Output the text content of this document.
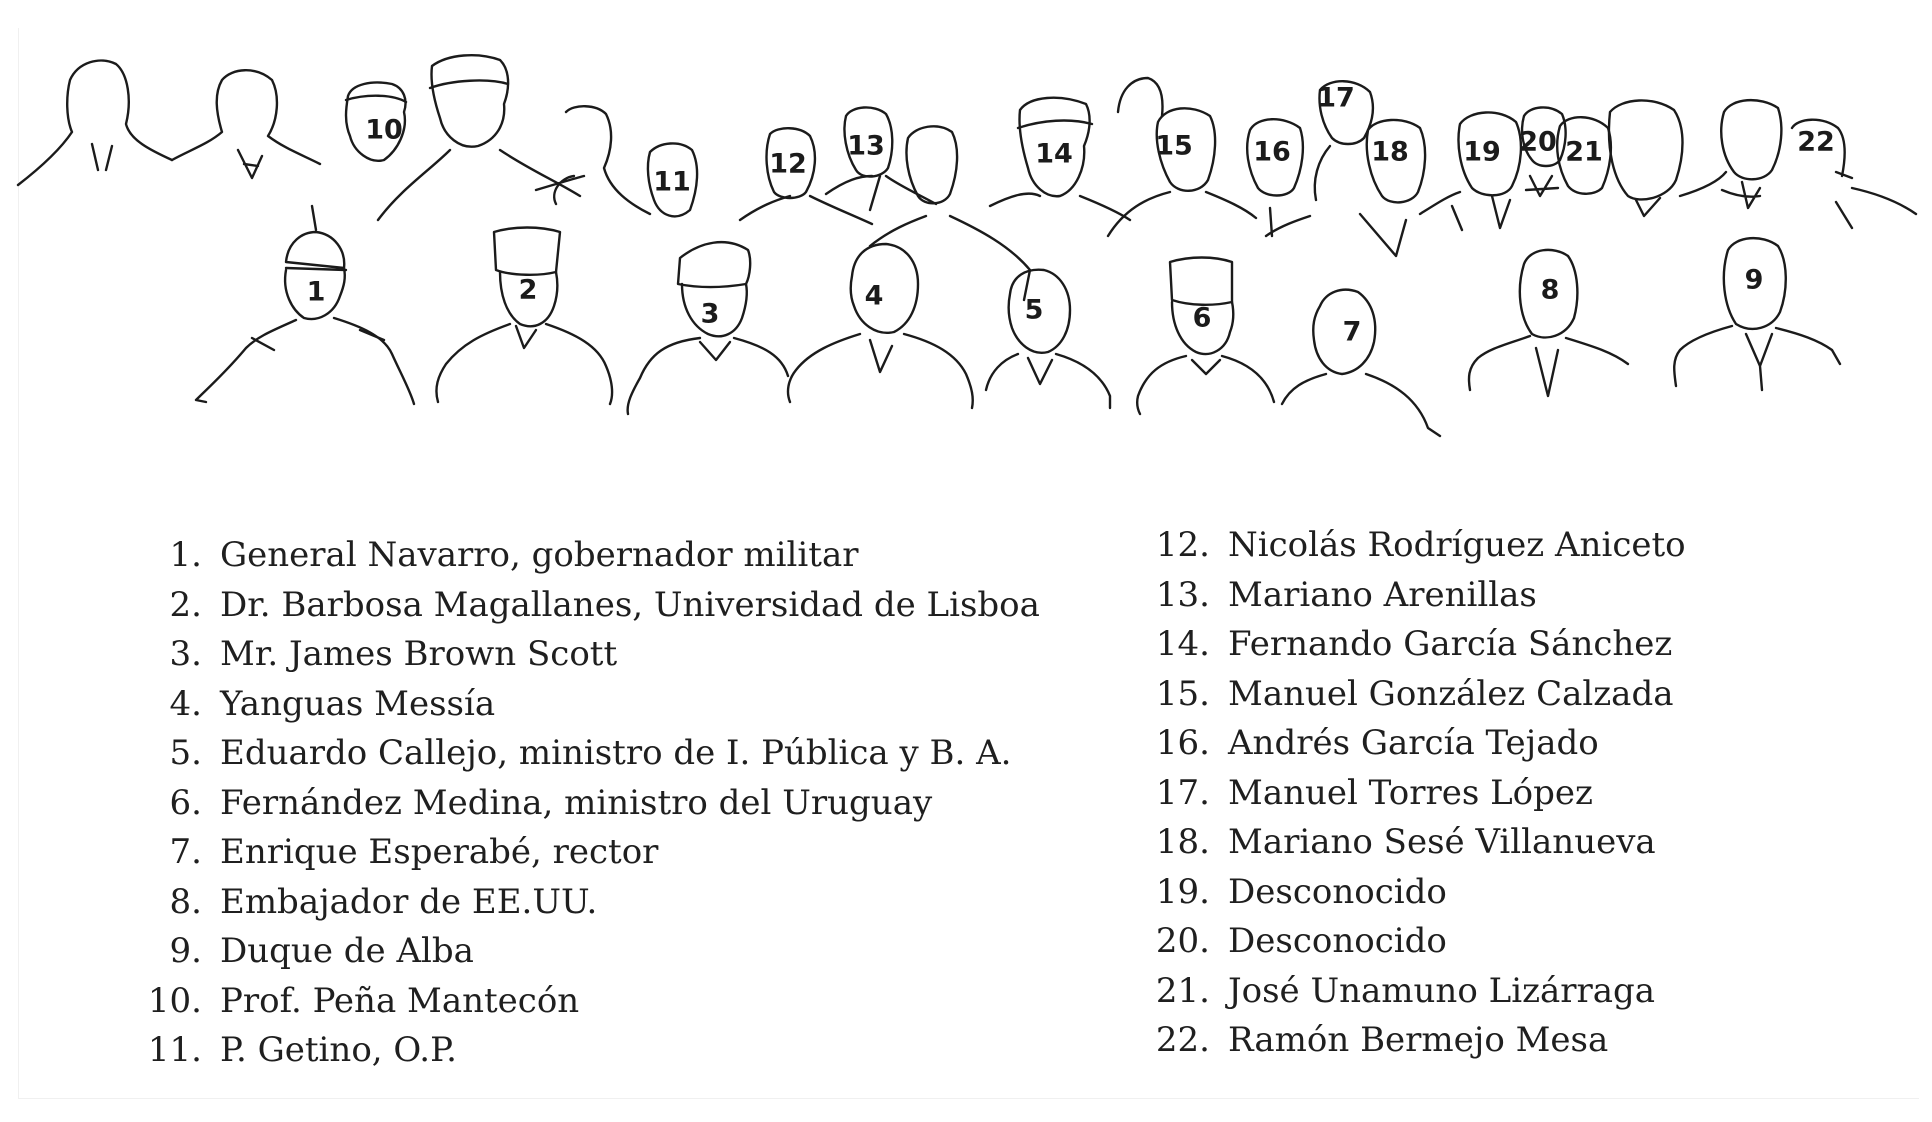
1	2
3
4	5	6	7
8	9
10
11
12
13	14	15 16
17
18 19 20 21	22
1. General Navarro, gobernador militar
2. Dr. Barbosa Magallanes, Universidad de Lisboa
3. Mr. James Brown Scott
4. Yanguas Messía
5. Eduardo Callejo, ministro de I. Pública y B. A.
6. Fernández Medina, ministro del Uruguay
7. Enrique Esperabé, rector
8. Embajador de EE.UU.
9. Duque de Alba
10. Prof. Peña Mantecón
11. P. Getino, O.P.
12. Nicolás Rodríguez Aniceto
13. Mariano Arenillas
14. Fernando García Sánchez
15. Manuel González Calzada
16. Andrés García Tejado
17. Manuel Torres López
18. Mariano Sesé Villanueva
19. Desconocido
20. Desconocido
21. José Unamuno Lizárraga
22. Ramón Bermejo Mesa
